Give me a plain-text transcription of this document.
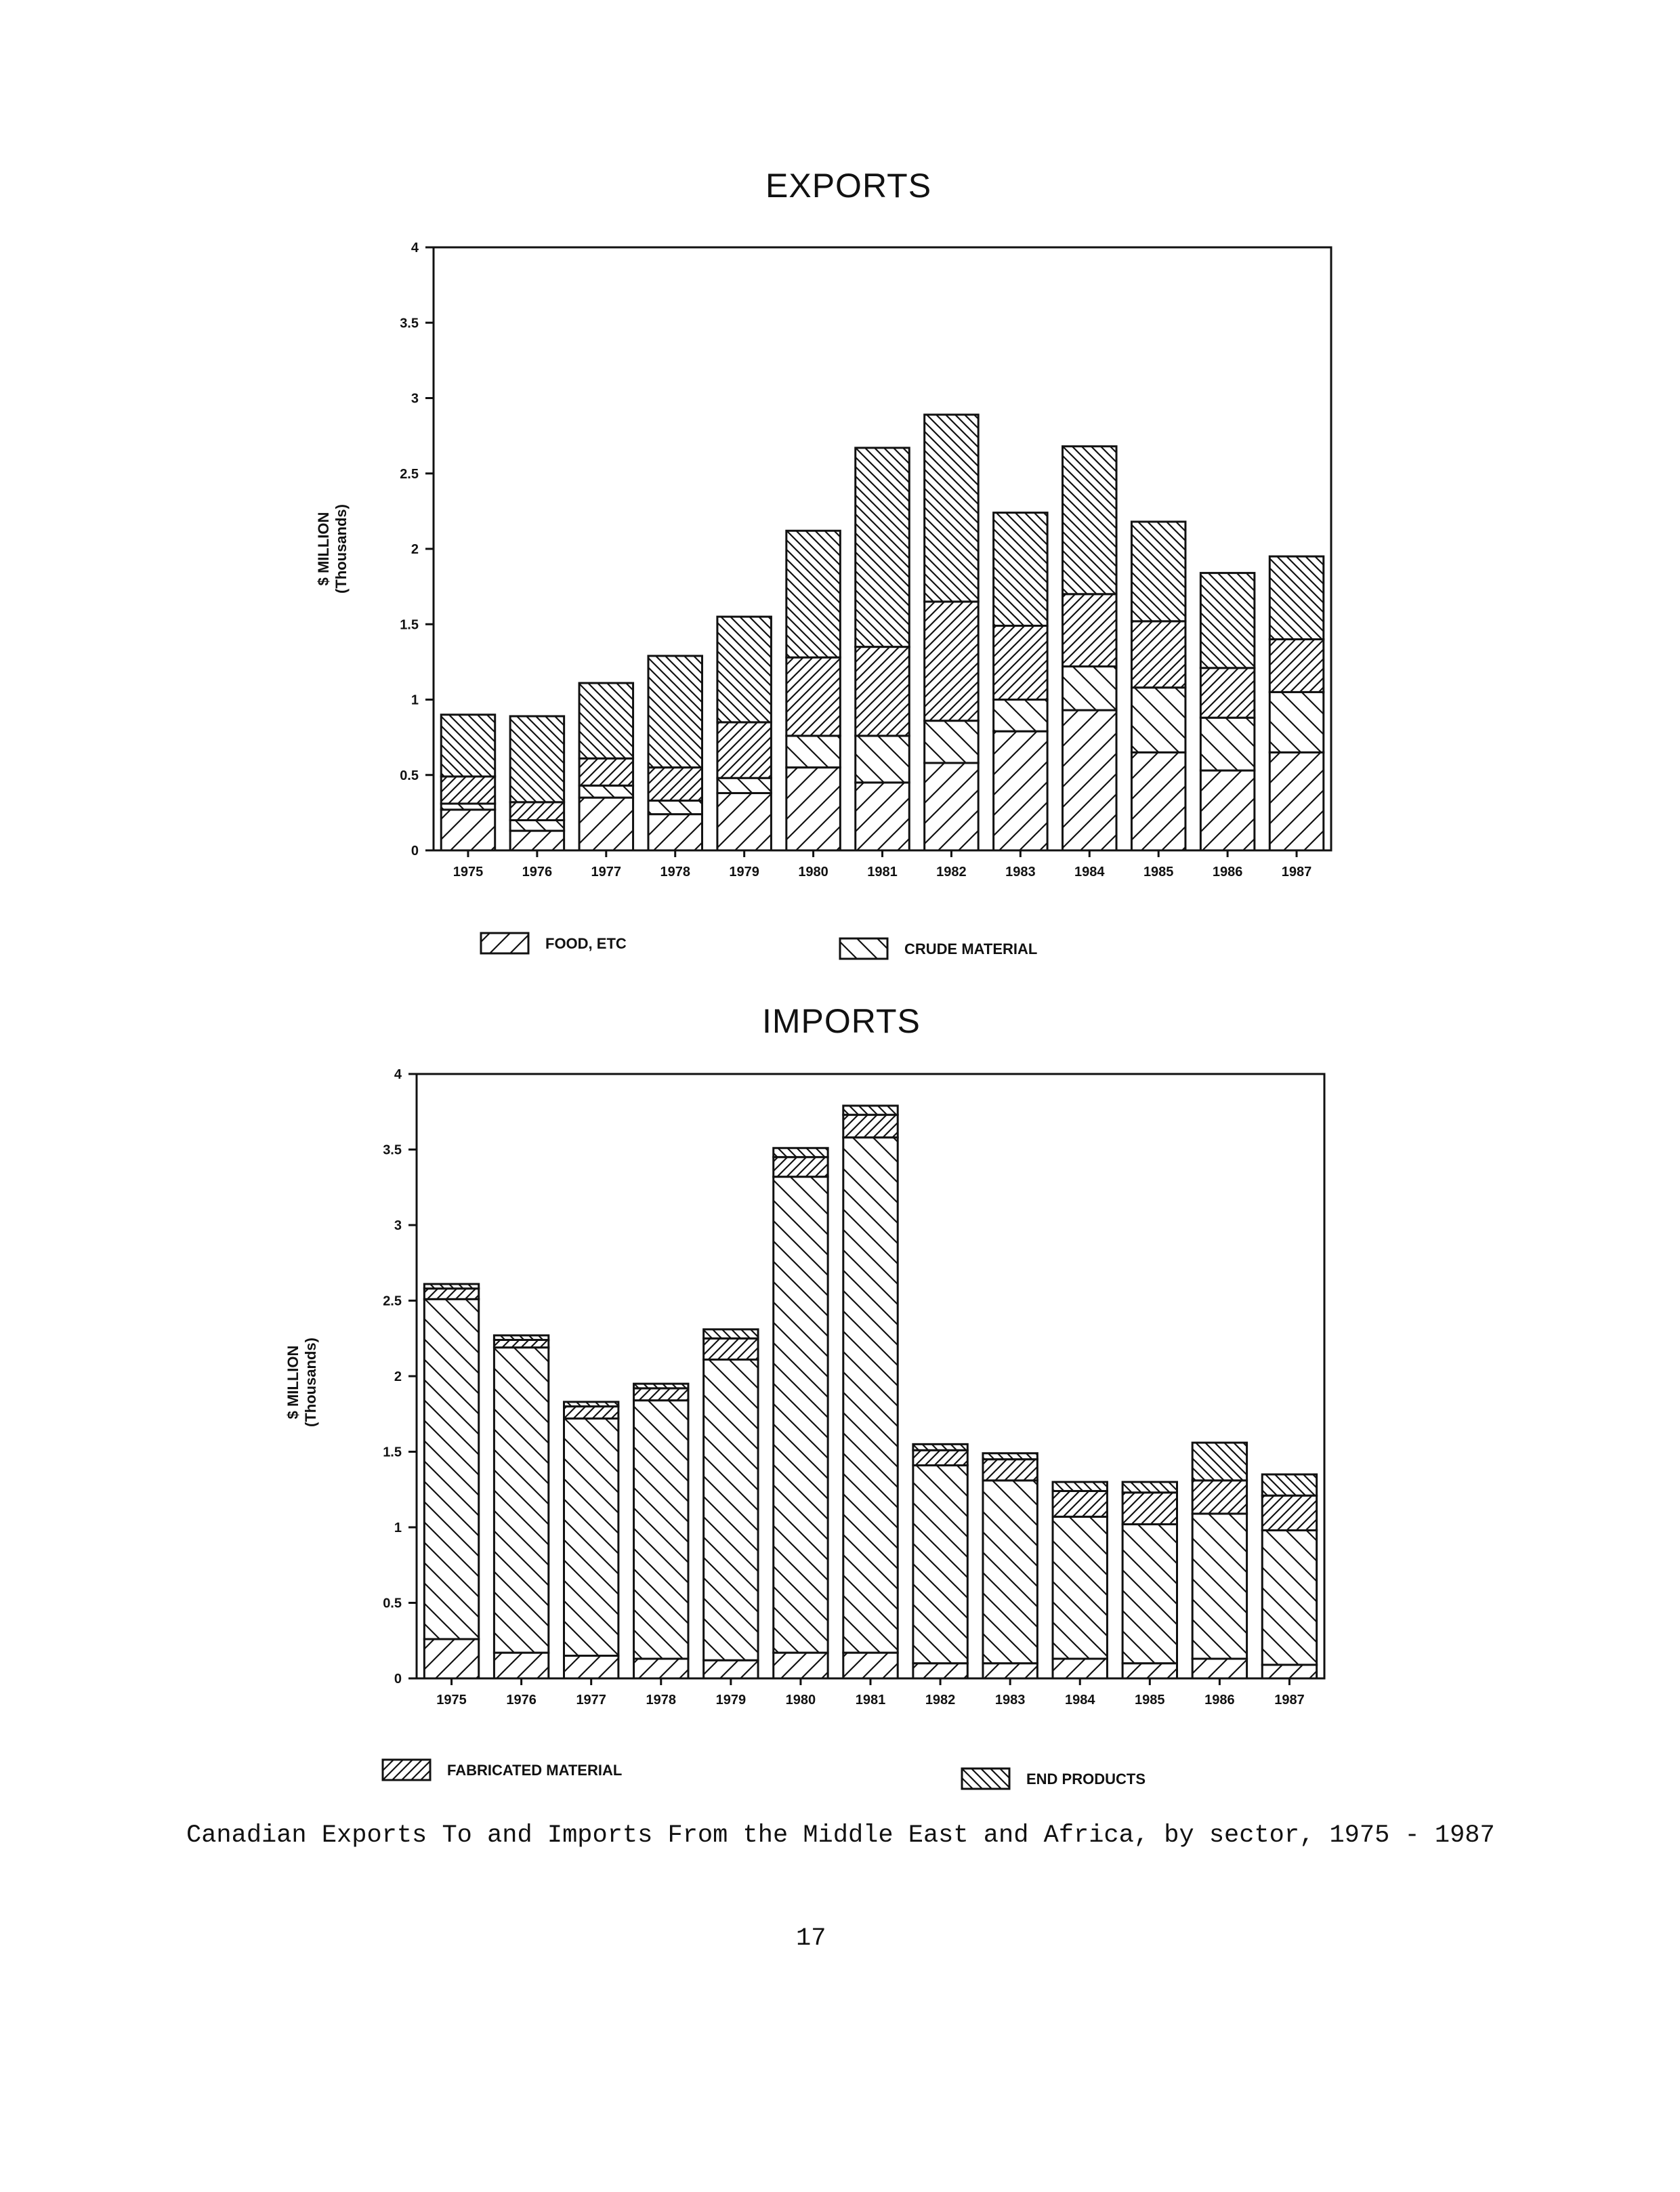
EXPORTS
0
0.5
1
1.5
2
2.5
3
3.5
4
1975	1976	1977	1978	1979	1980	1981	1982	1983	1984	1985	1986	1987
$ MILLION (Thousands)
FOOD, ETC	CRUDE MATERIAL
IMPORTS
0
0.5
1
1.5
2
2.5
3
3.5
4
1975	1976	1977	1978	1979	1980	1981	1982	1983	1984	1985	1986	1987
$ MILLION (Thousands)
FABRICATED MATERIAL
END PRODUCTS
Canadian Exports To and Imports From the Middle East and Africa, by sector, 1975 - 1987
17
